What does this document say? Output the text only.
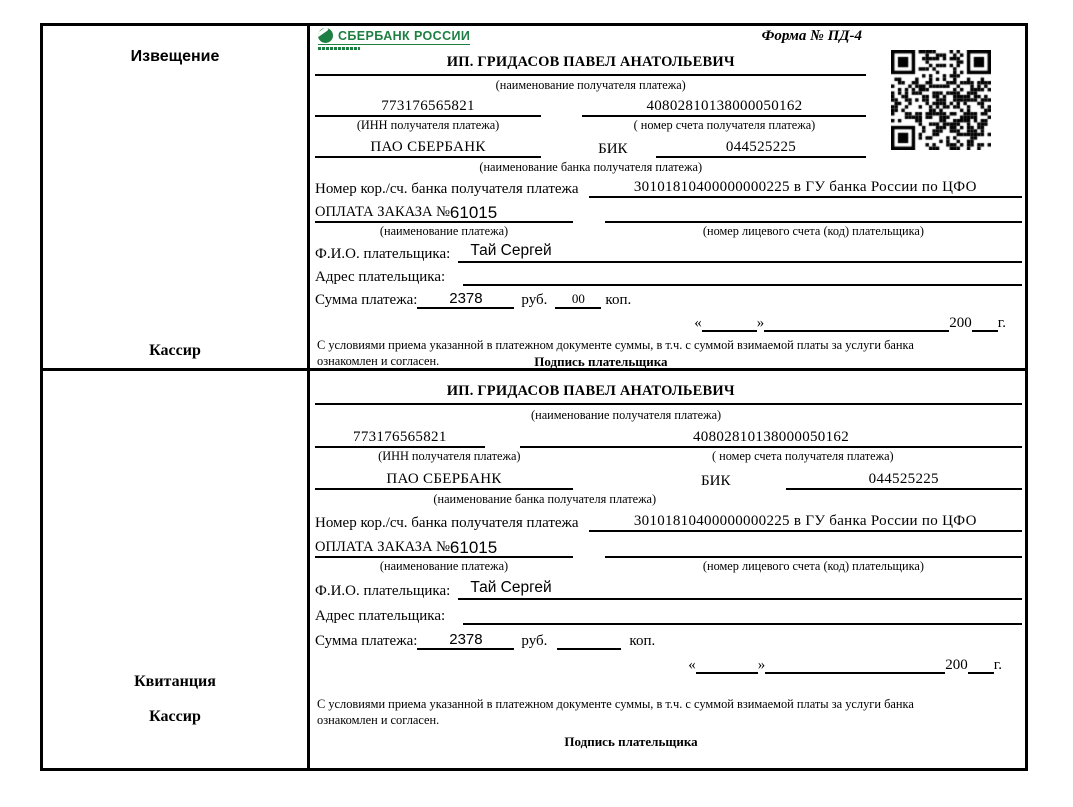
Извещение
Кассир
СБЕРБАНК РОССИИ	Форма № ПД-4
ИП. ГРИДАСОВ ПАВЕЛ АНАТОЛЬЕВИЧ
(наименование получателя платежа)
773176565821	40802810138000050162
(ИНН получателя платежа)	( номер счета получателя платежа)
ПАО СБЕРБАНК	БИК	044525225
(наименование банка получателя платежа)
Номер кор./сч. банка получателя платежа	30101810400000000225 в ГУ банка России по ЦФО
ОПЛАТА ЗАКАЗА № 61015
(наименование платежа)	(номер лицевого счета (код) плательщика)
Ф.И.О. плательщика:	Тай Сергей
Адрес плательщика:
Сумма платежа: 2378	руб. 00 коп.
«	»	200 г.
С условиями приема указанной в платежном документе суммы, в т.ч. с суммой взимаемой платы за услуги банка
ознакомлен и согласен.	Подпись плательщика
Квитанция
Кассир
ИП. ГРИДАСОВ ПАВЕЛ АНАТОЛЬЕВИЧ
(наименование получателя платежа)
773176565821	40802810138000050162
(ИНН получателя платежа)	( номер счета получателя платежа)
ПАО СБЕРБАНК	БИК	044525225
(наименование банка получателя платежа)
Номер кор./сч. банка получателя платежа	30101810400000000225 в ГУ банка России по ЦФО
ОПЛАТА ЗАКАЗА № 61015
(наименование платежа)	(номер лицевого счета (код) плательщика)
Ф.И.О. плательщика:	Тай Сергей
Адрес плательщика:
Сумма платежа: 2378	руб.	коп.
«	»	200 г.
С условиями приема указанной в платежном документе суммы, в т.ч. с суммой взимаемой платы за услуги банка
ознакомлен и согласен.
Подпись плательщика
